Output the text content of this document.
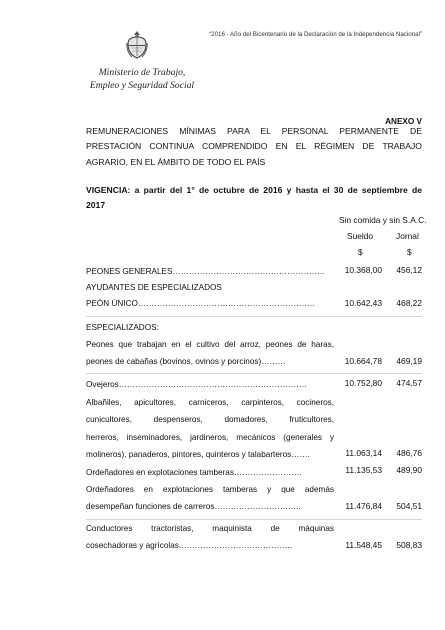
“2016 - Año del Bicentenario de la Declaración de la Independencia Nacional”
Ministerio de Trabajo,
Empleo y Seguridad Social
ANEXO V
REMUNERACIONES MÍNIMAS PARA EL PERSONAL PERMANENTE DE
PRESTACIÓN CONTINUA COMPRENDIDO EN EL RÉGIMEN DE TRABAJO
AGRARIO, EN EL ÁMBITO DE TODO EL PAÍS
VIGENCIA: a partir del 1° de octubre de 2016 y hasta el 30 de septiembre de
2017
Sin comida y sin S.A.C.
Sueldo	Jornal
$	$
PEONES GENERALES………………………………………………..	10.368,00	456,12
AYUDANTES DE ESPECIALIZADOS
PEÓN ÚNICO………………………………………………………..	10.642,43	468,22
ESPECIALIZADOS:
Peones que trabajan en el cultivo del arroz, peones de haras,
peones de cabañas (bovinos, ovinos y porcinos)………	10.664,78	469,19
Ovejeros……………………………………………………………	10.752,80	474,57
Albañiles, apicultores, carniceros, carpinteros, cocineros,
cunicultores, despenseros, domadores, fruticultores,
herreros, inseminadores, jardineros, mecánicos (generales y
molineros), panaderos, pintores, quinteros y talabarteros…….	11.063,14	486,76
Ordeñadores en explotaciones tamberas…………………….	11.135,53	489,90
Ordeñadores en explotaciones tamberas y que además
desempeñan funciones de carreros…………………………..	11.476,84	504,51
Conductores tractoristas, maquinista de máquinas
cosechadoras y agrícolas.…………………………………..	11.548,45	508,83
